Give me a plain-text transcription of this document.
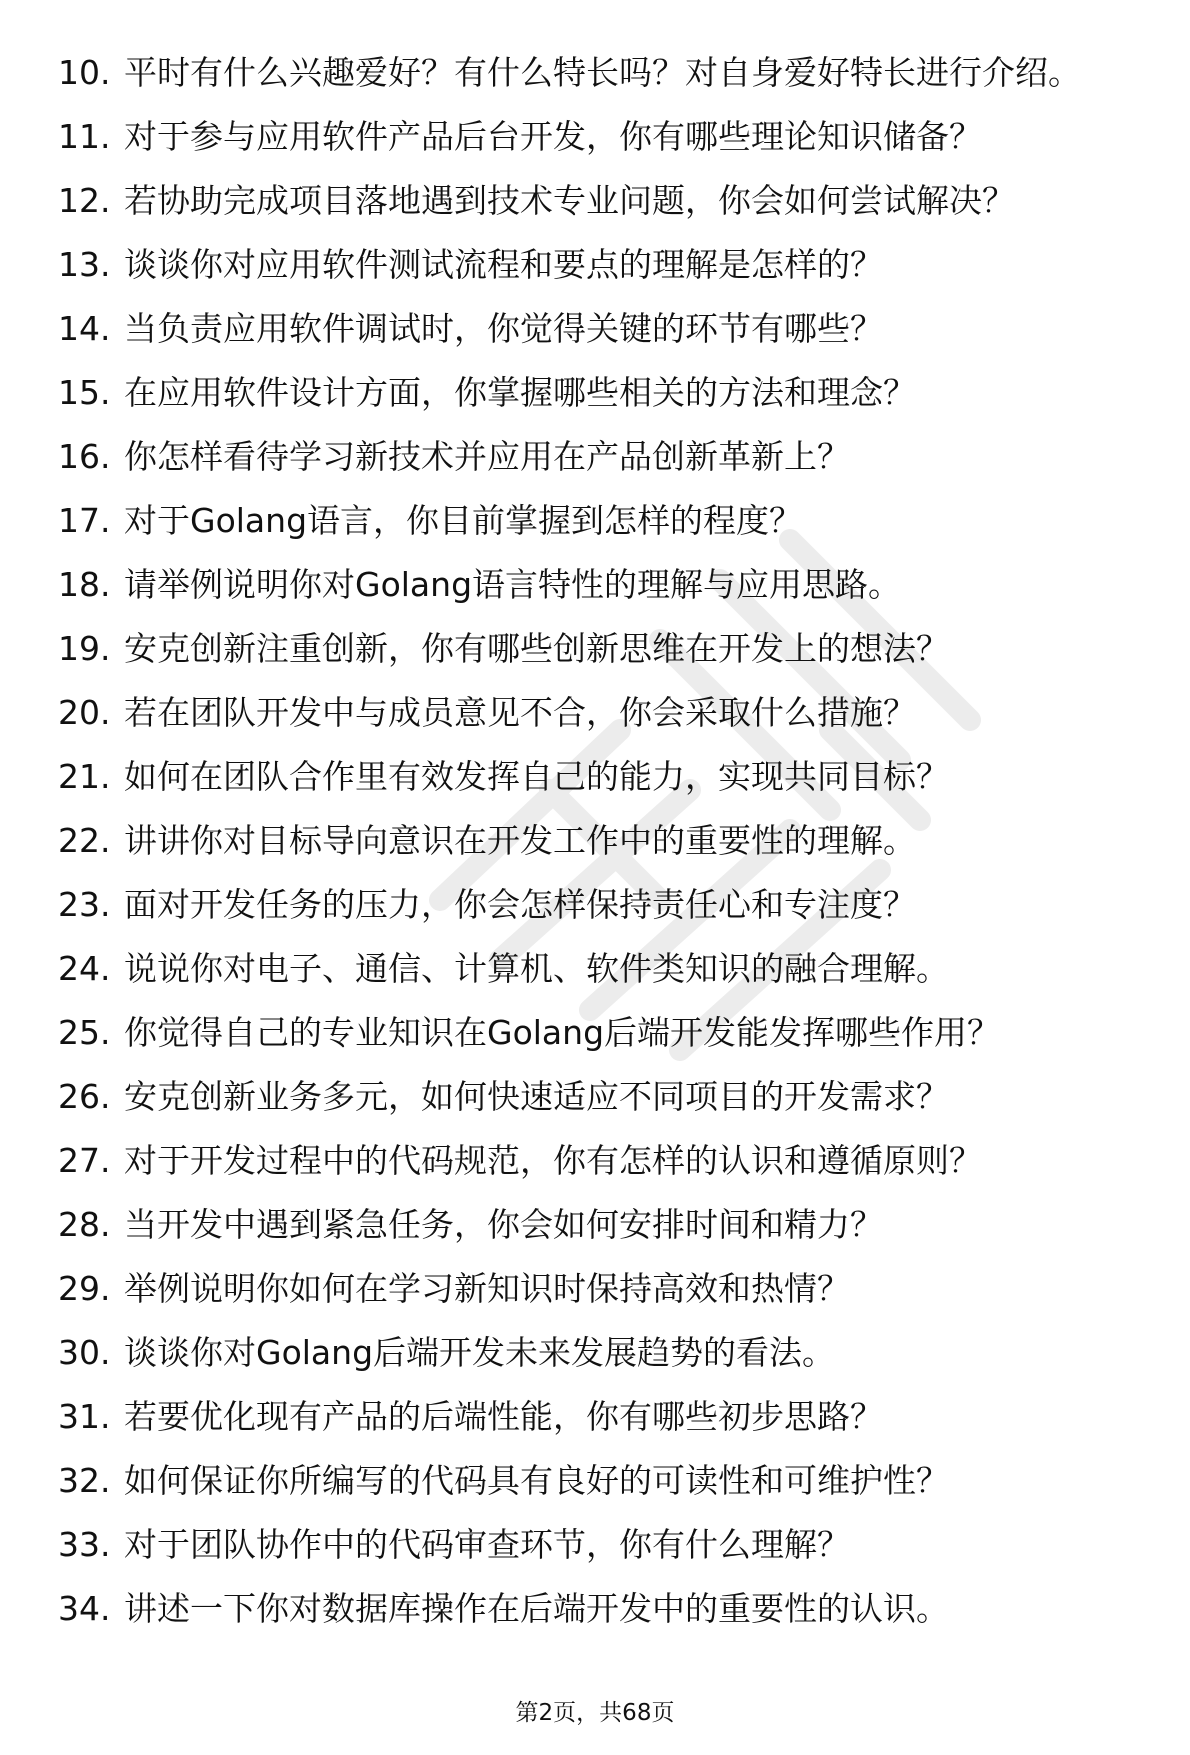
10. 平时有什么兴趣爱好？有什么特长吗？对自身爱好特长进行介绍。
11. 对于参与应用软件产品后台开发，你有哪些理论知识储备？
12. 若协助完成项目落地遇到技术专业问题，你会如何尝试解决？
13. 谈谈你对应用软件测试流程和要点的理解是怎样的？
14. 当负责应用软件调试时，你觉得关键的环节有哪些？
15. 在应用软件设计方面，你掌握哪些相关的方法和理念？
16. 你怎样看待学习新技术并应用在产品创新革新上？
17. 对于Golang语言，你目前掌握到怎样的程度？
18. 请举例说明你对Golang语言特性的理解与应用思路。
19. 安克创新注重创新，你有哪些创新思维在开发上的想法？
20. 若在团队开发中与成员意见不合，你会采取什么措施？
21. 如何在团队合作里有效发挥自己的能力，实现共同目标？
22. 讲讲你对目标导向意识在开发工作中的重要性的理解。
23. 面对开发任务的压力，你会怎样保持责任心和专注度？
24. 说说你对电子、通信、计算机、软件类知识的融合理解。
25. 你觉得自己的专业知识在Golang后端开发能发挥哪些作用？
26. 安克创新业务多元，如何快速适应不同项目的开发需求？
27. 对于开发过程中的代码规范，你有怎样的认识和遵循原则？
28. 当开发中遇到紧急任务，你会如何安排时间和精力？
29. 举例说明你如何在学习新知识时保持高效和热情？
30. 谈谈你对Golang后端开发未来发展趋势的看法。
31. 若要优化现有产品的后端性能，你有哪些初步思路？
32. 如何保证你所编写的代码具有良好的可读性和可维护性？
33. 对于团队协作中的代码审查环节，你有什么理解？
34. 讲述一下你对数据库操作在后端开发中的重要性的认识。
第2页，共68页
